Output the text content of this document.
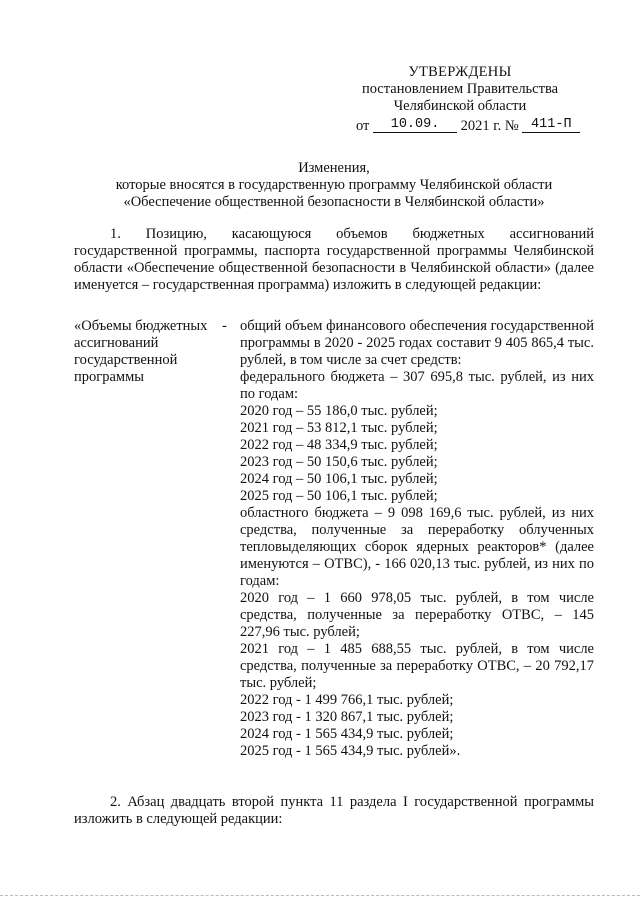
УТВЕРЖДЕНЫ
постановлением Правительства
Челябинской области
от 10.09. 2021 г. № 411-П
Изменения,
которые вносятся в государственную программу Челябинской области
«Обеспечение общественной безопасности в Челябинской области»
1. Позицию, касающуюся объемов бюджетных ассигнований государственной программы, паспорта государственной программы Челябинской области «Обеспечение общественной безопасности в Челябинской области» (далее именуется – государственная программа) изложить в следующей редакции:
«Объемы бюджетных ассигнований государственной программы
- общий объем финансового обеспечения государственной программы в 2020 - 2025 годах составит 9 405 865,4 тыс. рублей, в том числе за счет средств:

федерального бюджета – 307 695,8 тыс. рублей, из них по годам:

2020 год – 55 186,0 тыс. рублей;

2021 год – 53 812,1 тыс. рублей;

2022 год – 48 334,9 тыс. рублей;

2023 год – 50 150,6 тыс. рублей;

2024 год – 50 106,1 тыс. рублей;

2025 год – 50 106,1 тыс. рублей;

областного бюджета – 9 098 169,6 тыс. рублей, из них средства, полученные за переработку облученных тепловыделяющих сборок ядерных реакторов* (далее именуются – ОТВС), - 166 020,13 тыс. рублей, из них по годам:

2020 год – 1 660 978,05 тыс. рублей, в том числе средства, полученные за переработку ОТВС, – 145 227,96 тыс. рублей;

2021 год – 1 485 688,55 тыс. рублей, в том числе средства, полученные за переработку ОТВС, – 20 792,17 тыс. рублей;

2022 год - 1 499 766,1 тыс. рублей;

2023 год - 1 320 867,1 тыс. рублей;

2024 год - 1 565 434,9 тыс. рублей;

2025 год - 1 565 434,9 тыс. рублей».

2. Абзац двадцать второй пункта 11 раздела I государственной программы изложить в следующей редакции:
